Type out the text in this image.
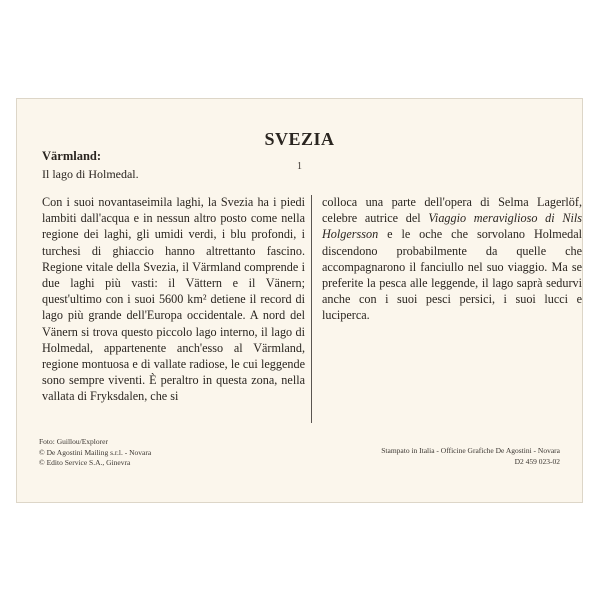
SVEZIA
1
Värmland:
Il lago di Holmedal.

Con i suoi novantaseimila laghi, la Svezia ha i piedi lambiti dall'acqua e in nessun altro posto come nella regione dei laghi, gli umidi verdi, i blu profondi, i turchesi di ghiaccio hanno altrettanto fascino. Regione vitale della Svezia, il Värmland comprende i due laghi più vasti: il Vättern e il Vänern; quest'ultimo con i suoi 5600 km² detiene il record di lago più grande dell'Europa occidentale. A nord del Vänern si trova questo piccolo lago interno, il lago di Holmedal, appartenente anch'esso al Värmland, regione montuosa e di vallate radiose, le cui leggende sono sempre viventi. È peraltro in questa zona, nella vallata di Fryksdalen, che si

colloca una parte dell'opera di Selma Lagerlöf, celebre autrice del Viaggio meraviglioso di Nils Holgersson e le oche che sorvolano Holmedal discendono probabilmente da quelle che accompagnarono il fanciullo nel suo viaggio. Ma se preferite la pesca alle leggende, il lago saprà sedurvi anche con i suoi pesci persici, i suoi lucci e luciperca.

Foto: Guillou/Explorer
© De Agostini Mailing s.r.l. - Novara
© Edito Service S.A., Ginevra
Stampato in Italia - Officine Grafiche De Agostini - Novara
D2 459 023-02
